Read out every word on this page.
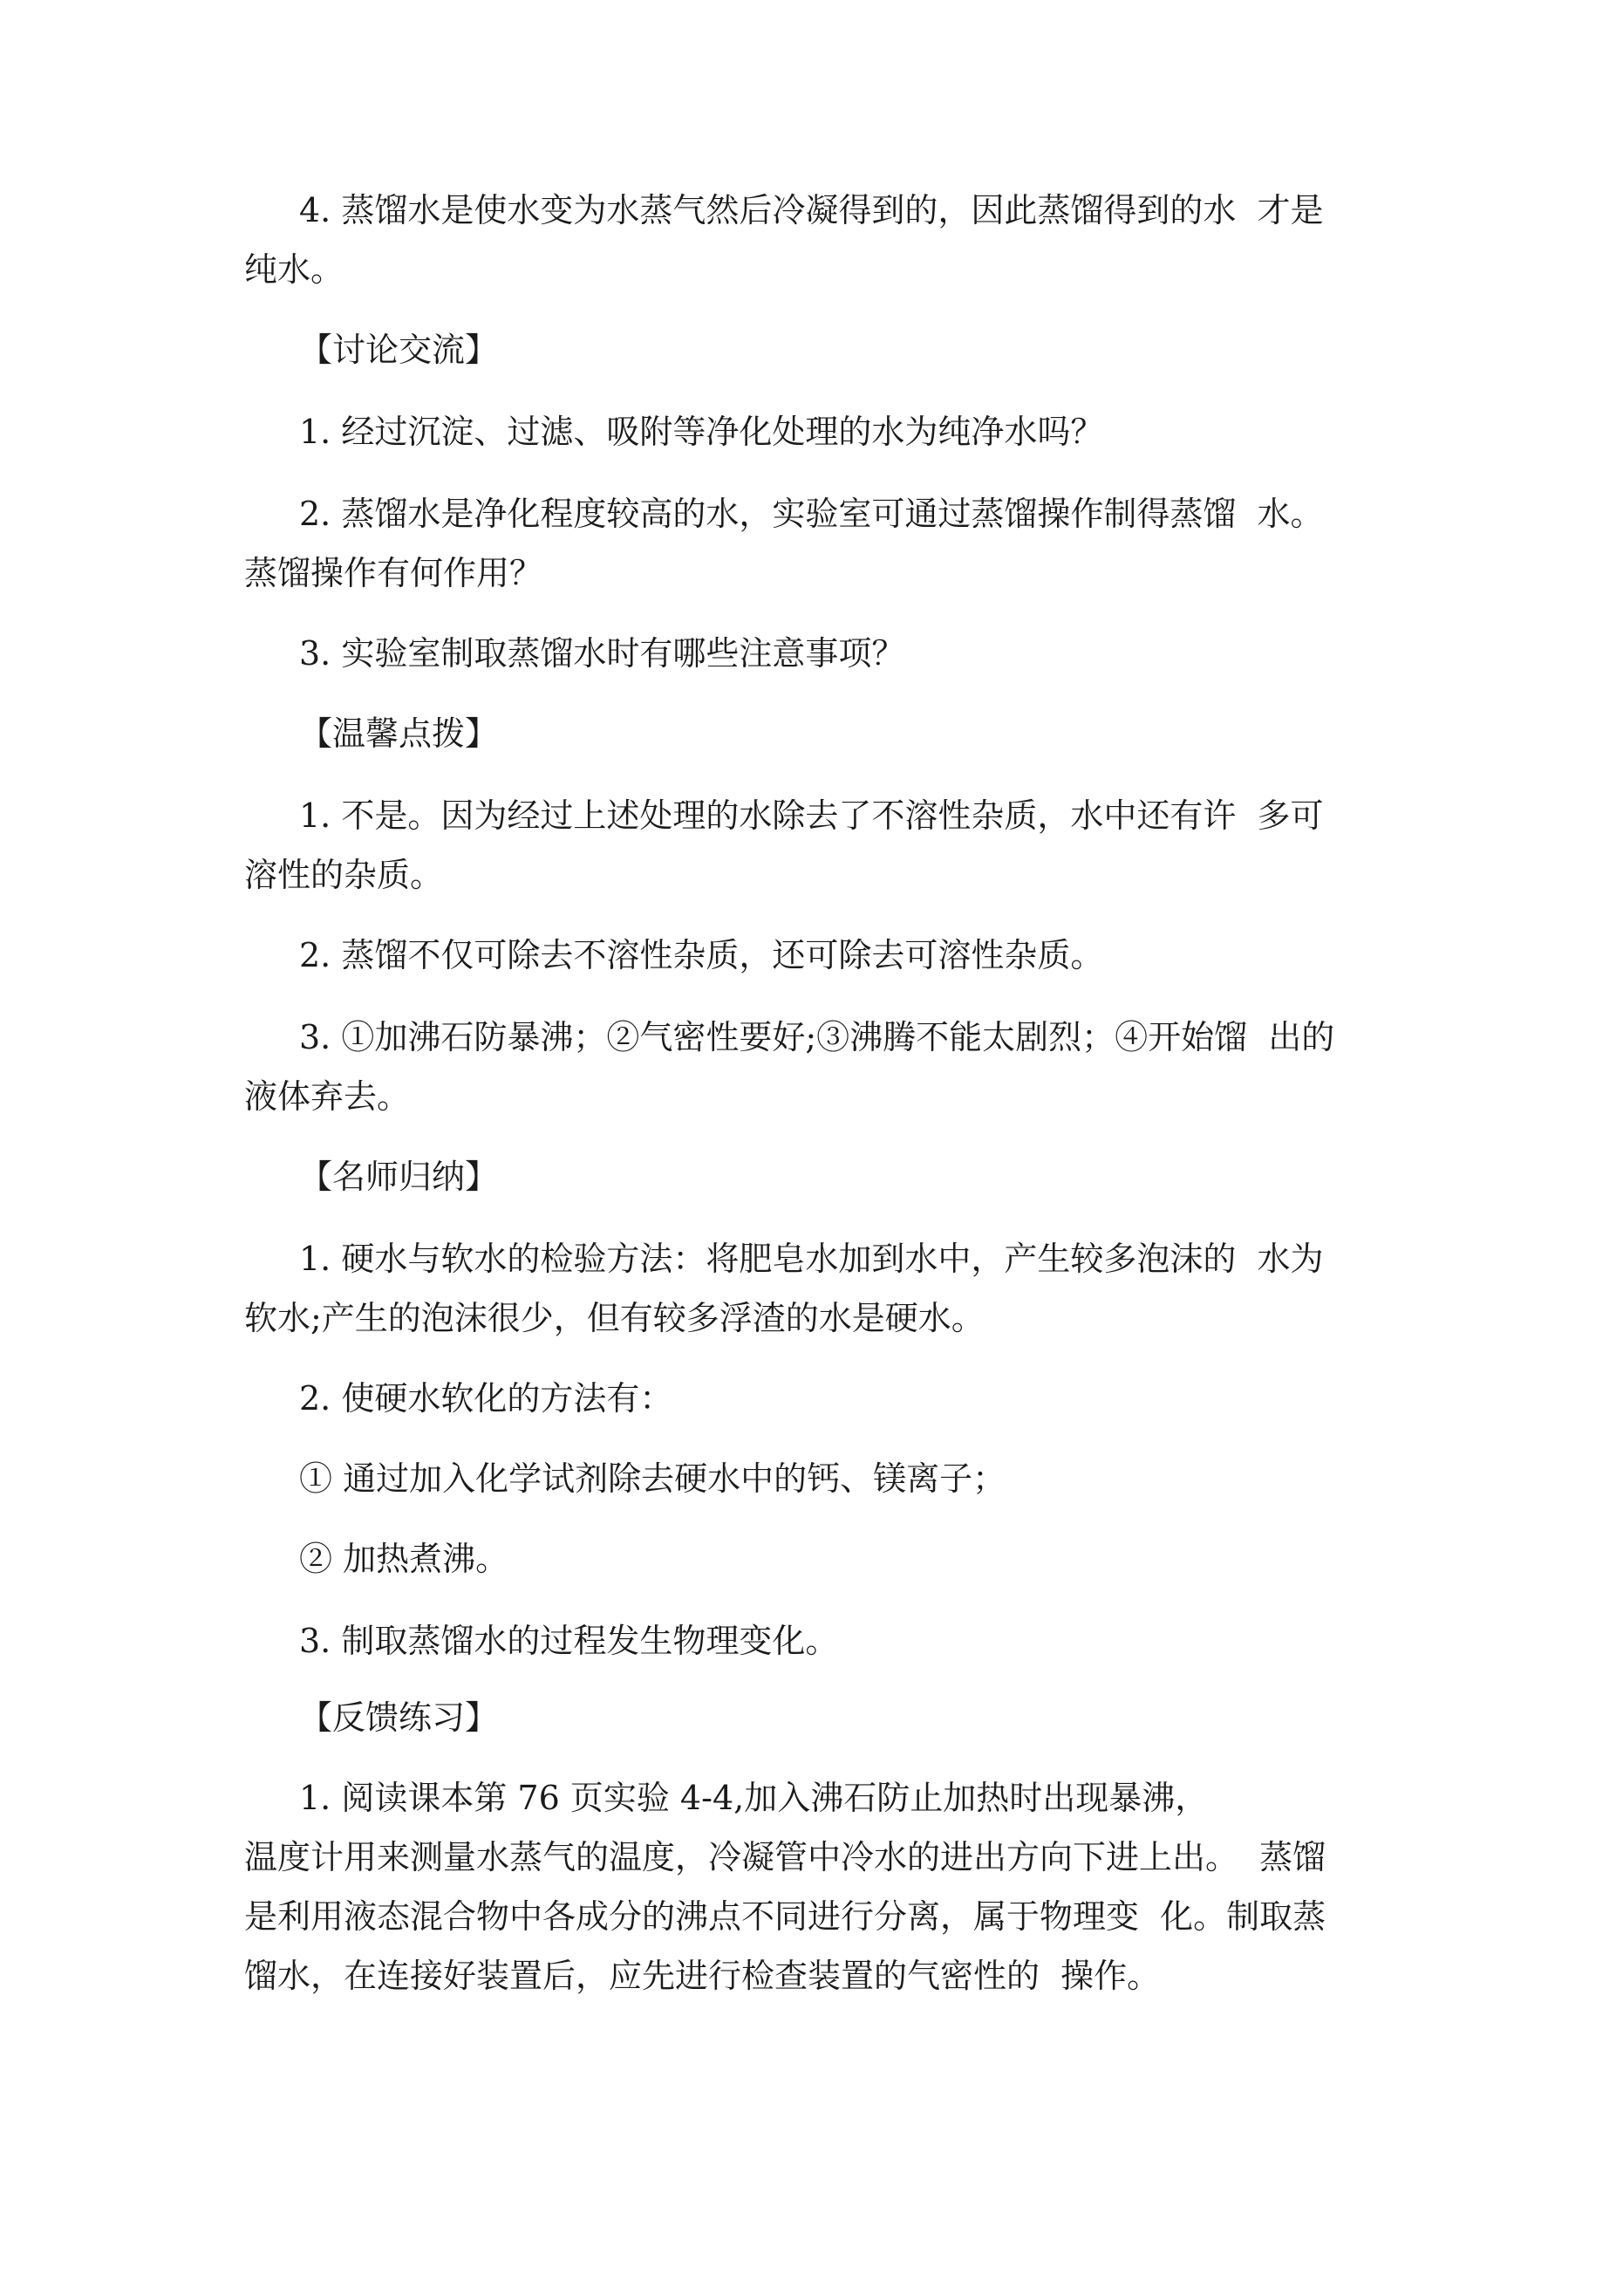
4. 蒸馏水是使水变为水蒸气然后冷凝得到的，因此蒸馏得到的水  才是
纯水。
【讨论交流】
1. 经过沉淀、过滤、吸附等净化处理的水为纯净水吗？
2. 蒸馏水是净化程度较高的水，实验室可通过蒸馏操作制得蒸馏  水。
蒸馏操作有何作用？
3. 实验室制取蒸馏水时有哪些注意事项？
【温馨点拨】
1. 不是。因为经过上述处理的水除去了不溶性杂质，水中还有许  多可
溶性的杂质。
2. 蒸馏不仅可除去不溶性杂质，还可除去可溶性杂质。
3. ①加沸石防暴沸；②气密性要好;③沸腾不能太剧烈；④开始馏  出的
液体弃去。
【名师归纳】
1. 硬水与软水的检验方法：将肥皂水加到水中，产生较多泡沫的  水为
软水;产生的泡沫很少，但有较多浮渣的水是硬水。
2. 使硬水软化的方法有：
① 通过加入化学试剂除去硬水中的钙、镁离子；
② 加热煮沸。
3. 制取蒸馏水的过程发生物理变化。
【反馈练习】
1. 阅读课本第 76 页实验 4-4,加入沸石防止加热时出现暴沸，
温度计用来测量水蒸气的温度，冷凝管中冷水的进出方向下进上出。  蒸馏
是利用液态混合物中各成分的沸点不同进行分离，属于物理变  化。制取蒸
馏水，在连接好装置后，应先进行检查装置的气密性的  操作。
